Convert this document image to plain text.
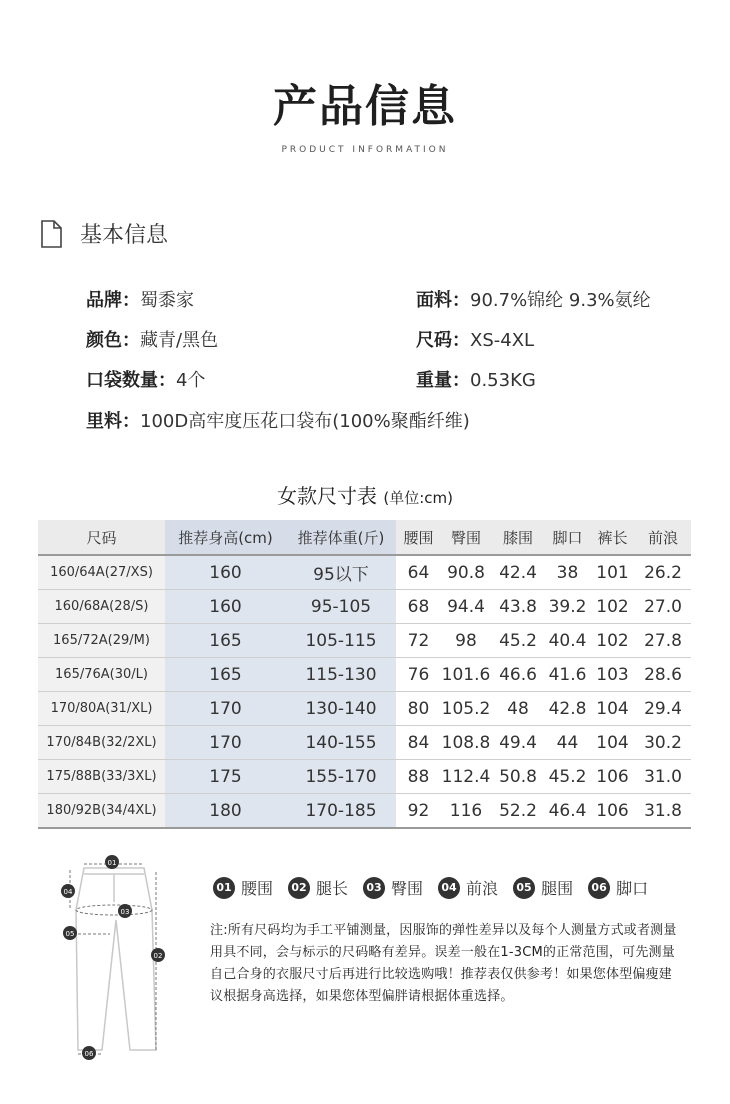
产品信息
PRODUCT INFORMATION
基本信息
品牌：蜀黍家	面料：90.7%锦纶 9.3%氨纶
颜色：藏青/黑色	尺码：XS-4XL
口袋数量：4个	重量：0.53KG
里料：100D高牢度压花口袋布(100%聚酯纤维)
女款尺寸表 (单位:cm)
尺码	推荐身高(cm)	推荐体重(斤)	腰围	臀围	膝围	脚口	裤长	前浪
160/64A(27/XS)	160	95以下	64	90.8	42.4	38	101	26.2
160/68A(28/S)	160	95-105	68	94.4	43.8	39.2	102	27.0
165/72A(29/M)	165	105-115	72	98	45.2	40.4	102	27.8
165/76A(30/L)	165	115-130	76	101.6	46.6	41.6	103	28.6
170/80A(31/XL)	170	130-140	80	105.2	48	42.8	104	29.4
170/84B(32/2XL)	170	140-155	84	108.8	49.4	44	104	30.2
175/88B(33/3XL)	175	155-170	88	112.4	50.8	45.2	106	31.0
180/92B(34/4XL)	180	170-185	92	116	52.2	46.4	106	31.8
01
02
03
04
05
06
01 腰围	02 腿长	03 臀围	04 前浪	05 腿围	06 脚口
注:所有尺码均为手工平铺测量，因服饰的弹性差异以及每个人测量方式或者测量用具不同，会与标示的尺码略有差异。误差一般在1-3CM的正常范围，可先测量自己合身的衣服尺寸后再进行比较选购哦！推荐表仅供参考！如果您体型偏瘦建议根据身高选择，如果您体型偏胖请根据体重选择。
